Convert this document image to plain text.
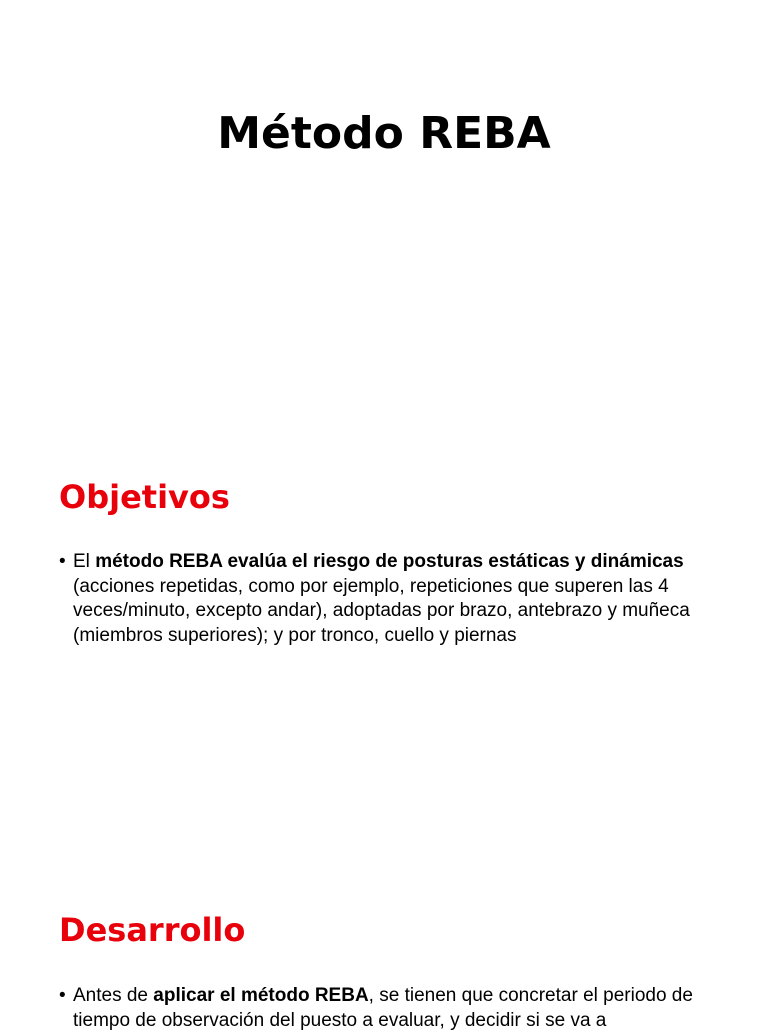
Método REBA
Objetivos

• El método REBA evalúa el riesgo de posturas estáticas y dinámicas (acciones repetidas, como por ejemplo, repeticiones que superen las 4 veces/minuto, excepto andar), adoptadas por brazo, antebrazo y muñeca (miembros superiores); y por tronco, cuello y piernas

Desarrollo

• Antes de aplicar el método REBA, se tienen que concretar el periodo de tiempo de observación del puesto a evaluar, y decidir si se va a
